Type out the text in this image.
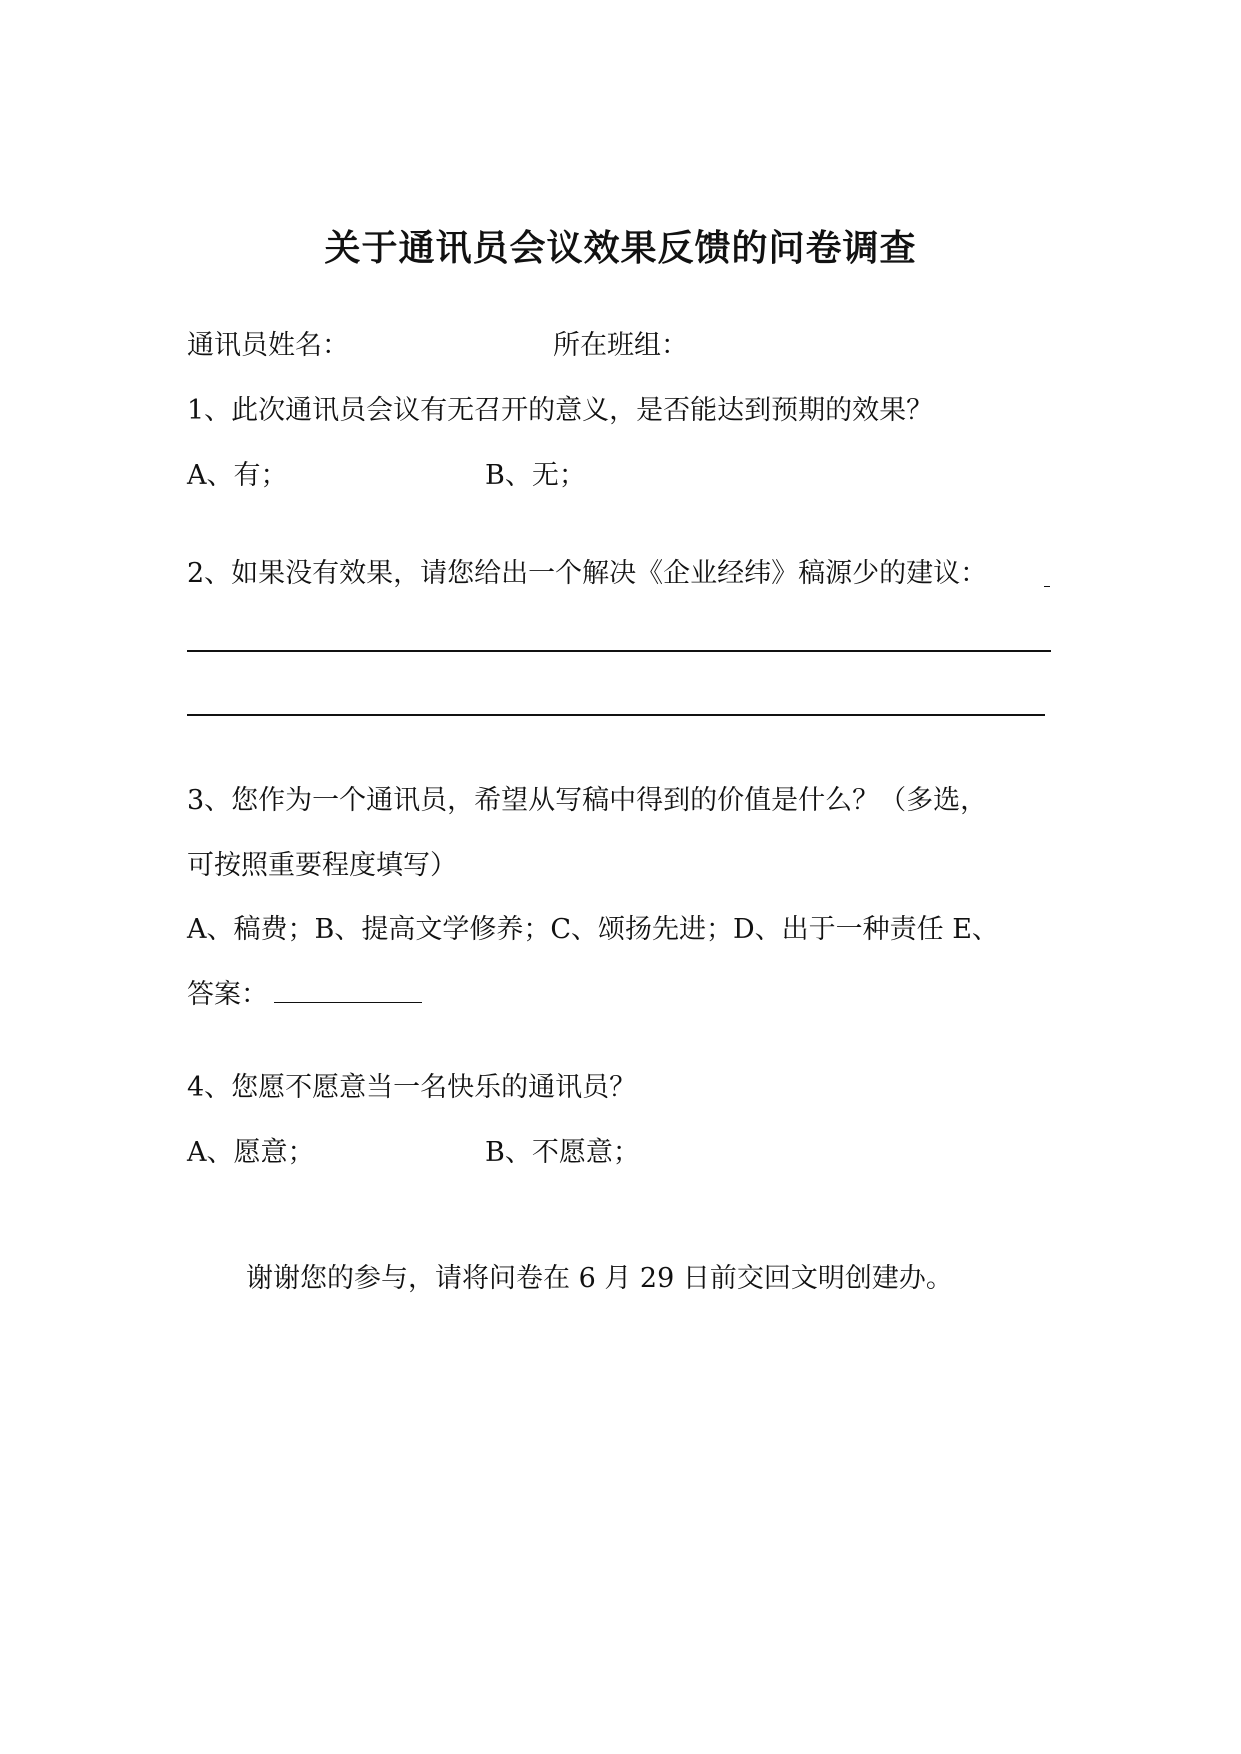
关于通讯员会议效果反馈的问卷调查
通讯员姓名：	所在班组：
1、此次通讯员会议有无召开的意义，是否能达到预期的效果？
A、有；	B、无；
2、如果没有效果，请您给出一个解决《企业经纬》稿源少的建议：
3、您作为一个通讯员，希望从写稿中得到的价值是什么？（多选，
可按照重要程度填写）
A、稿费；B、提高文学修养；C、颂扬先进；D、出于一种责任 E、
答案：
4、您愿不愿意当一名快乐的通讯员？
A、愿意；	B、不愿意；
谢谢您的参与，请将问卷在 6 月 29 日前交回文明创建办。
